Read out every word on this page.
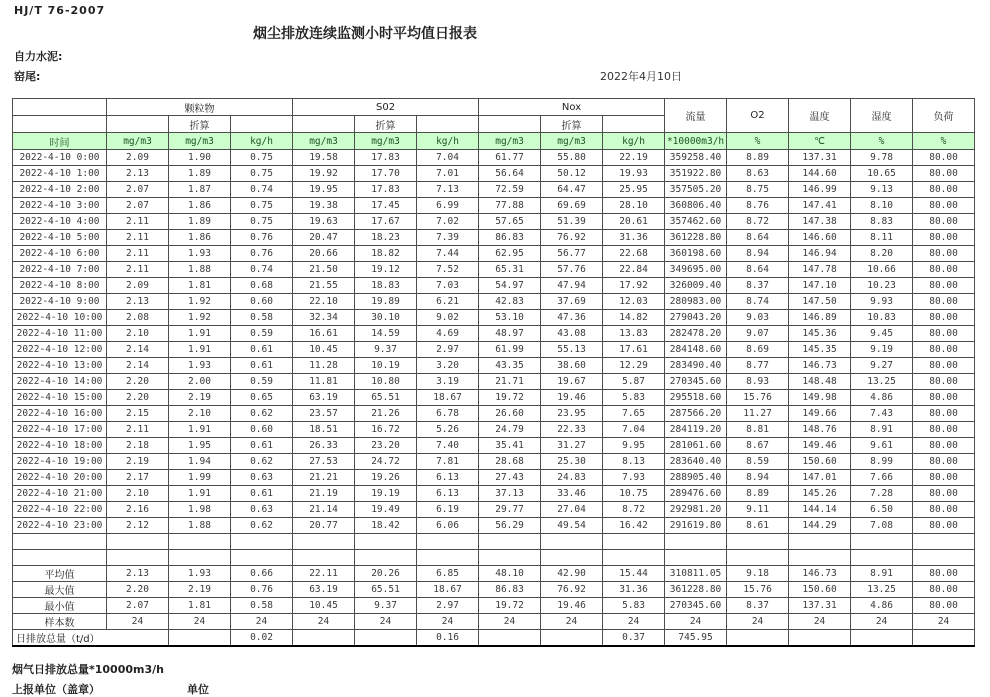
HJ/T 76-2007
烟尘排放连续监测小时平均值日报表
自力水泥:
窑尾:	2022年4月10日
	颗粒物			S02			Nox			流量	O2	温度	湿度	负荷
		折算			折算			折算						
时间	mg/m3	mg/m3	kg/h	mg/m3	mg/m3	kg/h	mg/m3	mg/m3	kg/h	*10000m3/h	%	℃	%	%
2022-4-10 0:00	2.09	1.90	0.75	19.58	17.83	7.04	61.77	55.80	22.19	359258.40	8.89	137.31	9.78	80.00
2022-4-10 1:00	2.13	1.89	0.75	19.92	17.70	7.01	56.64	50.12	19.93	351922.80	8.63	144.60	10.65	80.00
2022-4-10 2:00	2.07	1.87	0.74	19.95	17.83	7.13	72.59	64.47	25.95	357505.20	8.75	146.99	9.13	80.00
2022-4-10 3:00	2.07	1.86	0.75	19.38	17.45	6.99	77.88	69.69	28.10	360806.40	8.76	147.41	8.10	80.00
2022-4-10 4:00	2.11	1.89	0.75	19.63	17.67	7.02	57.65	51.39	20.61	357462.60	8.72	147.38	8.83	80.00
2022-4-10 5:00	2.11	1.86	0.76	20.47	18.23	7.39	86.83	76.92	31.36	361228.80	8.64	146.60	8.11	80.00
2022-4-10 6:00	2.11	1.93	0.76	20.66	18.82	7.44	62.95	56.77	22.68	360198.60	8.94	146.94	8.20	80.00
2022-4-10 7:00	2.11	1.88	0.74	21.50	19.12	7.52	65.31	57.76	22.84	349695.00	8.64	147.78	10.66	80.00
2022-4-10 8:00	2.09	1.81	0.68	21.55	18.83	7.03	54.97	47.94	17.92	326009.40	8.37	147.10	10.23	80.00
2022-4-10 9:00	2.13	1.92	0.60	22.10	19.89	6.21	42.83	37.69	12.03	280983.00	8.74	147.50	9.93	80.00
2022-4-10 10:00	2.08	1.92	0.58	32.34	30.10	9.02	53.10	47.36	14.82	279043.20	9.03	146.89	10.83	80.00
2022-4-10 11:00	2.10	1.91	0.59	16.61	14.59	4.69	48.97	43.08	13.83	282478.20	9.07	145.36	9.45	80.00
2022-4-10 12:00	2.14	1.91	0.61	10.45	9.37	2.97	61.99	55.13	17.61	284148.60	8.69	145.35	9.19	80.00
2022-4-10 13:00	2.14	1.93	0.61	11.28	10.19	3.20	43.35	38.60	12.29	283490.40	8.77	146.73	9.27	80.00
2022-4-10 14:00	2.20	2.00	0.59	11.81	10.80	3.19	21.71	19.67	5.87	270345.60	8.93	148.48	13.25	80.00
2022-4-10 15:00	2.20	2.19	0.65	63.19	65.51	18.67	19.72	19.46	5.83	295518.60	15.76	149.98	4.86	80.00
2022-4-10 16:00	2.15	2.10	0.62	23.57	21.26	6.78	26.60	23.95	7.65	287566.20	11.27	149.66	7.43	80.00
2022-4-10 17:00	2.11	1.91	0.60	18.51	16.72	5.26	24.79	22.33	7.04	284119.20	8.81	148.76	8.91	80.00
2022-4-10 18:00	2.18	1.95	0.61	26.33	23.20	7.40	35.41	31.27	9.95	281061.60	8.67	149.46	9.61	80.00
2022-4-10 19:00	2.19	1.94	0.62	27.53	24.72	7.81	28.68	25.30	8.13	283640.40	8.59	150.60	8.99	80.00
2022-4-10 20:00	2.17	1.99	0.63	21.21	19.26	6.13	27.43	24.83	7.93	288905.40	8.94	147.01	7.66	80.00
2022-4-10 21:00	2.10	1.91	0.61	21.19	19.19	6.13	37.13	33.46	10.75	289476.60	8.89	145.26	7.28	80.00
2022-4-10 22:00	2.16	1.98	0.63	21.14	19.49	6.19	29.77	27.04	8.72	292981.20	9.11	144.14	6.50	80.00
2022-4-10 23:00	2.12	1.88	0.62	20.77	18.42	6.06	56.29	49.54	16.42	291619.80	8.61	144.29	7.08	80.00

平均值	2.13	1.93	0.66	22.11	20.26	6.85	48.10	42.90	15.44	310811.05	9.18	146.73	8.91	80.00
最大值	2.20	2.19	0.76	63.19	65.51	18.67	86.83	76.92	31.36	361228.80	15.76	150.60	13.25	80.00
最小值	2.07	1.81	0.58	10.45	9.37	2.97	19.72	19.46	5.83	270345.60	8.37	137.31	4.86	80.00
样本数	24	24	24	24	24	24	24	24	24	24	24	24	24	24
日排放总量（t/d）			0.02			0.16			0.37	745.95				
烟气日排放总量*10000m3/h
上报单位（盖章）	单位
